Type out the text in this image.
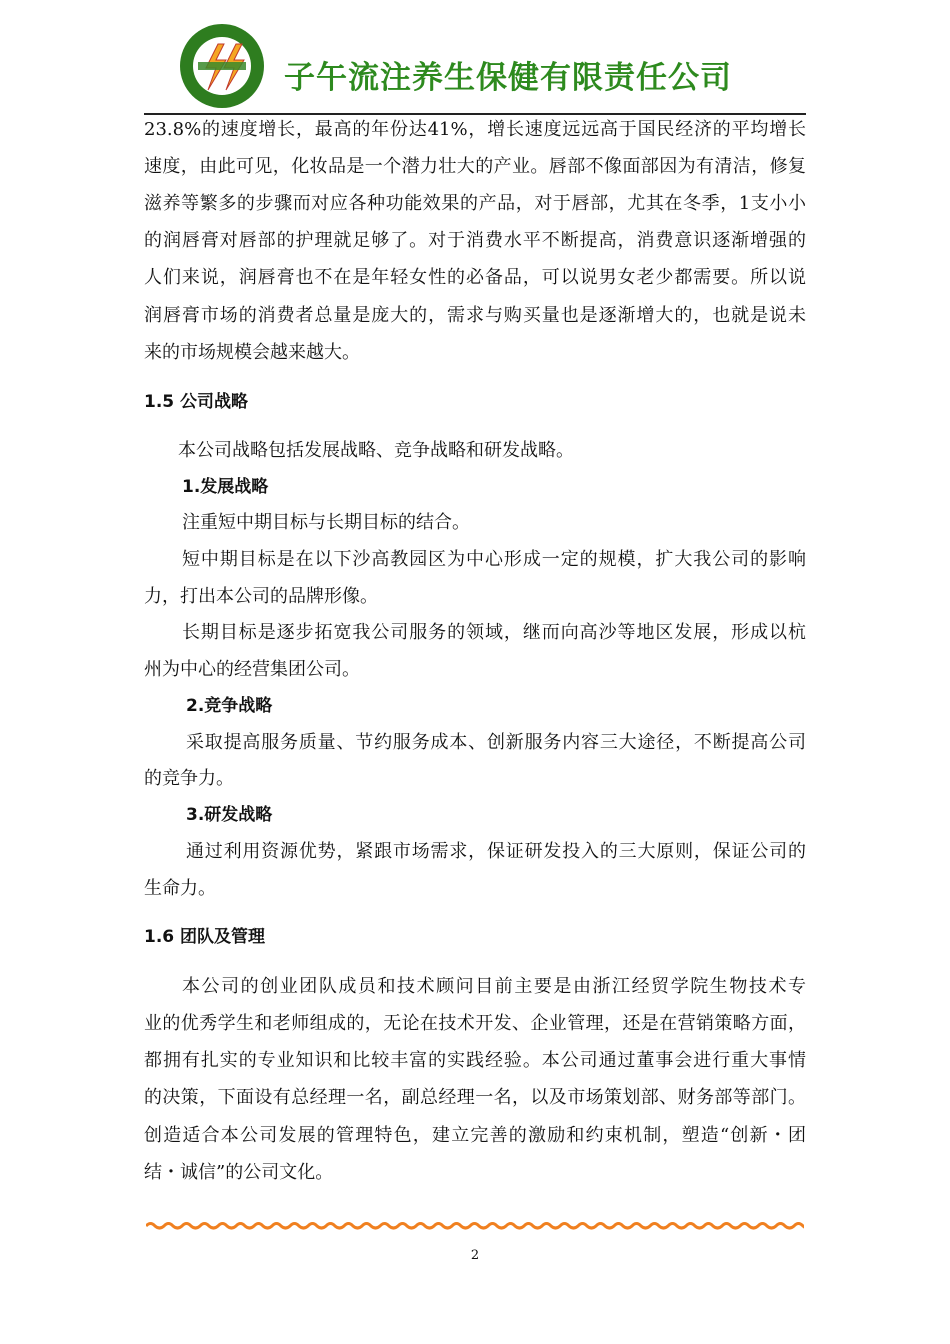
子午流注养生保健有限责任公司
23.8%的速度增长，最高的年份达41%，增长速度远远高于国民经济的平均增长
速度，由此可见，化妆品是一个潜力壮大的产业。唇部不像面部因为有清洁，修复
滋养等繁多的步骤而对应各种功能效果的产品，对于唇部，尤其在冬季，1支小小
的润唇膏对唇部的护理就足够了。对于消费水平不断提高，消费意识逐渐增强的
人们来说，润唇膏也不在是年轻女性的必备品，可以说男女老少都需要。所以说
润唇膏市场的消费者总量是庞大的，需求与购买量也是逐渐增大的，也就是说未
来的市场规模会越来越大。
1.5 公司战略
本公司战略包括发展战略、竞争战略和研发战略。
1.发展战略
注重短中期目标与长期目标的结合。
短中期目标是在以下沙高教园区为中心形成一定的规模，扩大我公司的影响
力，打出本公司的品牌形像。
长期目标是逐步拓宽我公司服务的领域，继而向高沙等地区发展，形成以杭
州为中心的经营集团公司。
2.竞争战略
采取提高服务质量、节约服务成本、创新服务内容三大途径，不断提高公司
的竞争力。
3.研发战略
通过利用资源优势，紧跟市场需求，保证研发投入的三大原则，保证公司的
生命力。
1.6 团队及管理
本公司的创业团队成员和技术顾问目前主要是由浙江经贸学院生物技术专
业的优秀学生和老师组成的，无论在技术开发、企业管理，还是在营销策略方面，
都拥有扎实的专业知识和比较丰富的实践经验。本公司通过董事会进行重大事情
的决策，下面设有总经理一名，副总经理一名，以及市场策划部、财务部等部门。
创造适合本公司发展的管理特色，建立完善的激励和约束机制，塑造“创新・团
结・诚信”的公司文化。
2
